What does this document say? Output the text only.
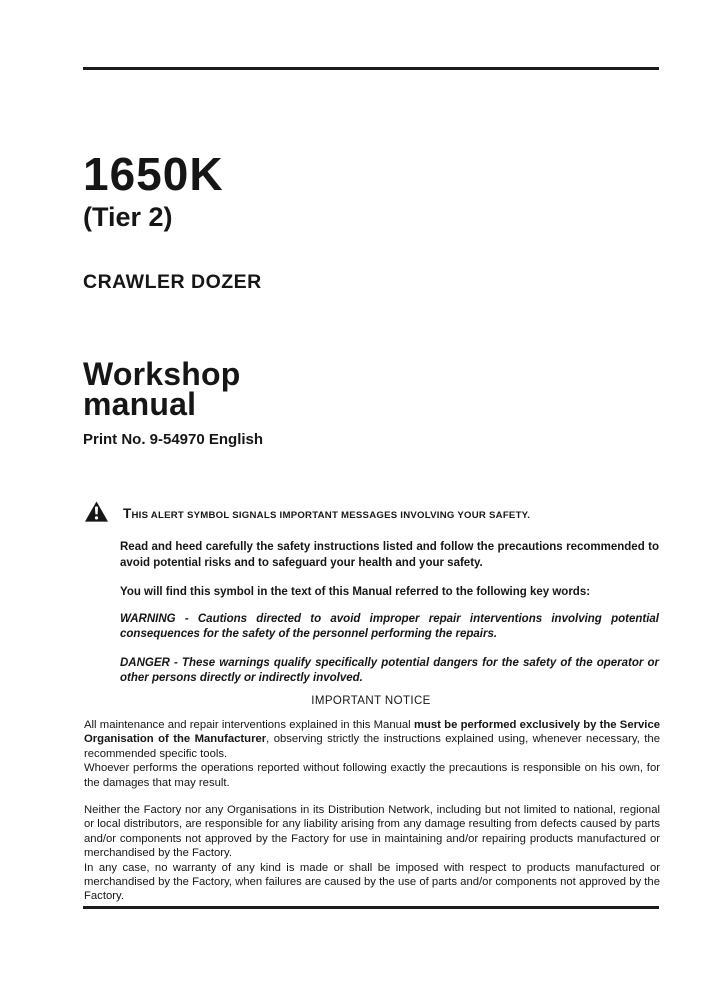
1650K
(Tier 2)
CRAWLER DOZER
Workshop
manual
Print No. 9-54970 English
THIS ALERT SYMBOL SIGNALS IMPORTANT MESSAGES INVOLVING YOUR SAFETY.

Read and heed carefully the safety instructions listed and follow the precautions recommended to avoid potential risks and to safeguard your health and your safety.

You will find this symbol in the text of this Manual referred to the following key words:

WARNING - Cautions directed to avoid improper repair interventions involving potential consequences for the safety of the personnel performing the repairs.

DANGER - These warnings qualify specifically potential dangers for the safety of the operator or other persons directly or indirectly involved.

IMPORTANT NOTICE

All maintenance and repair interventions explained in this Manual must be performed exclusively by the Service Organisation of the Manufacturer, observing strictly the instructions explained using, whenever necessary, the recommended specific tools.

Whoever performs the operations reported without following exactly the precautions is responsible on his own, for the damages that may result.

Neither the Factory nor any Organisations in its Distribution Network, including but not limited to national, regional or local distributors, are responsible for any liability arising from any damage resulting from defects caused by parts and/or components not approved by the Factory for use in maintaining and/or repairing products manufactured or merchandised by the Factory.

In any case, no warranty of any kind is made or shall be imposed with respect to products manufactured or merchandised by the Factory, when failures are caused by the use of parts and/or components not approved by the Factory.
